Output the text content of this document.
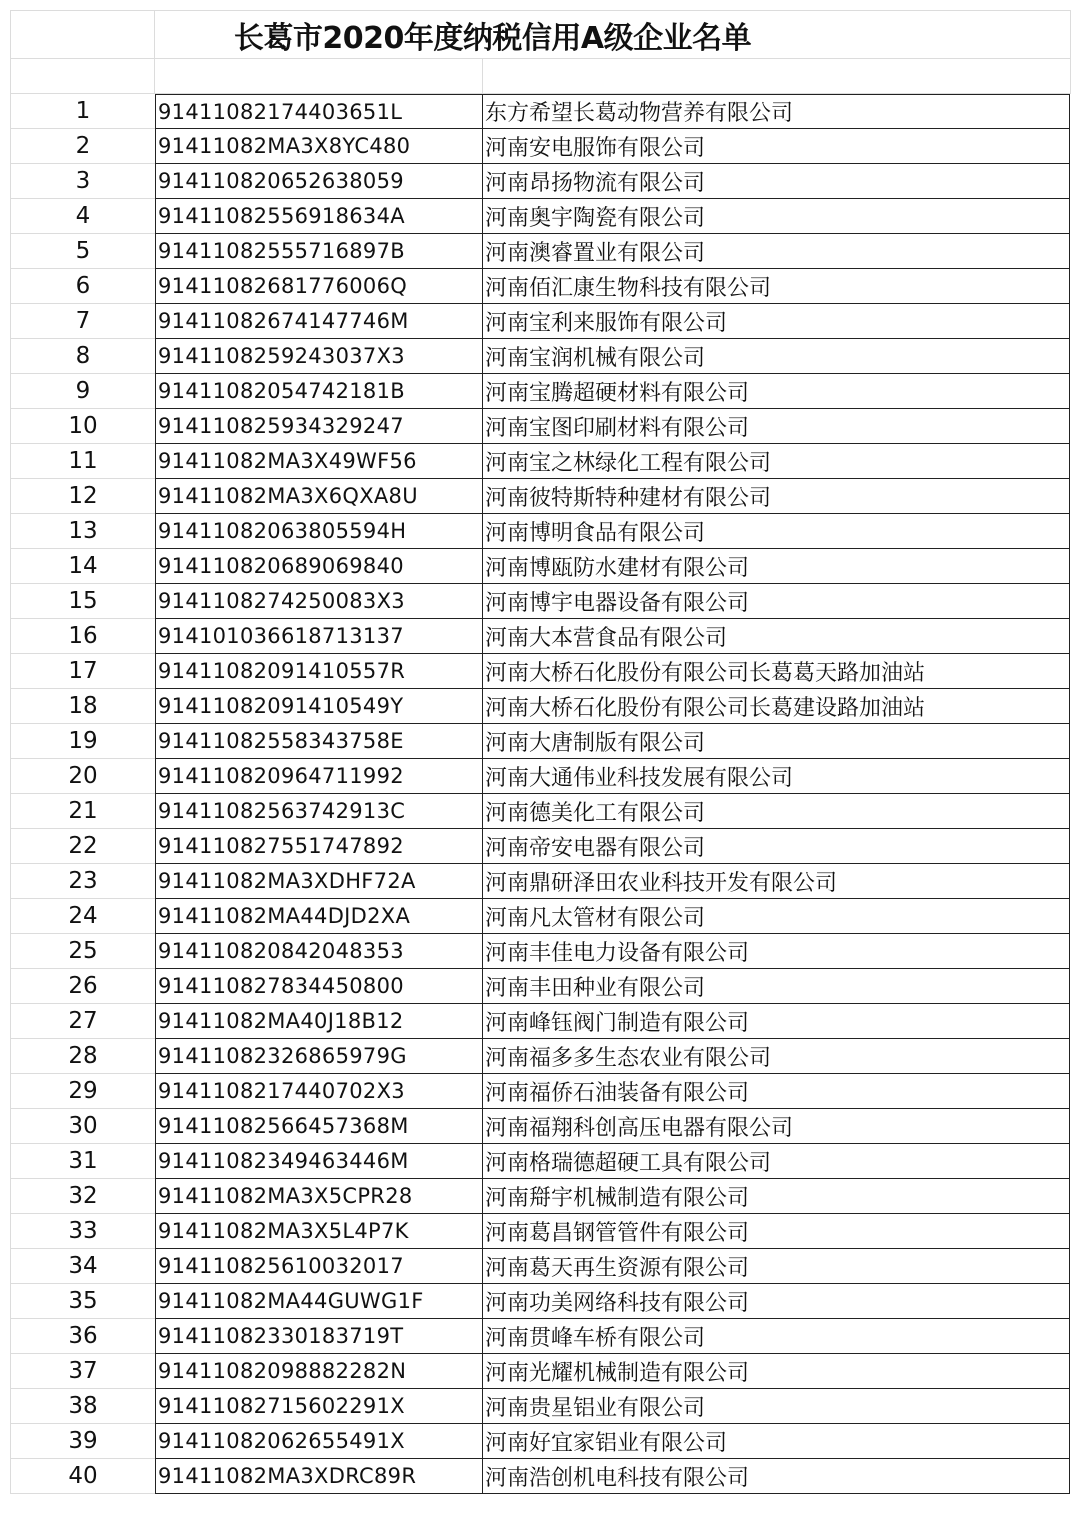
长葛市2020年度纳税信用A级企业名单
1	91411082174403651L	东方希望长葛动物营养有限公司
2	91411082MA3X8YC480	河南安电服饰有限公司
3	914110820652638059	河南昂扬物流有限公司
4	91411082556918634A	河南奥宇陶瓷有限公司
5	91411082555716897B	河南澳睿置业有限公司
6	91411082681776006Q	河南佰汇康生物科技有限公司
7	91411082674147746M	河南宝利来服饰有限公司
8	9141108259243037X3	河南宝润机械有限公司
9	91411082054742181B	河南宝腾超硬材料有限公司
10	914110825934329247	河南宝图印刷材料有限公司
11	91411082MA3X49WF56	河南宝之林绿化工程有限公司
12	91411082MA3X6QXA8U	河南彼特斯特种建材有限公司
13	91411082063805594H	河南博明食品有限公司
14	914110820689069840	河南博瓯防水建材有限公司
15	9141108274250083X3	河南博宇电器设备有限公司
16	914101036618713137	河南大本营食品有限公司
17	91411082091410557R	河南大桥石化股份有限公司长葛葛天路加油站
18	91411082091410549Y	河南大桥石化股份有限公司长葛建设路加油站
19	91411082558343758E	河南大唐制版有限公司
20	914110820964711992	河南大通伟业科技发展有限公司
21	91411082563742913C	河南德美化工有限公司
22	914110827551747892	河南帝安电器有限公司
23	91411082MA3XDHF72A	河南鼎研泽田农业科技开发有限公司
24	91411082MA44DJD2XA	河南凡太管材有限公司
25	914110820842048353	河南丰佳电力设备有限公司
26	914110827834450800	河南丰田种业有限公司
27	91411082MA40J18B12	河南峰钰阀门制造有限公司
28	91411082326865979G	河南福多多生态农业有限公司
29	9141108217440702X3	河南福侨石油装备有限公司
30	91411082566457368M	河南福翔科创高压电器有限公司
31	91411082349463446M	河南格瑞德超硬工具有限公司
32	91411082MA3X5CPR28	河南搿宇机械制造有限公司
33	91411082MA3X5L4P7K	河南葛昌钢管管件有限公司
34	914110825610032017	河南葛天再生资源有限公司
35	91411082MA44GUWG1F	河南功美网络科技有限公司
36	91411082330183719T	河南贯峰车桥有限公司
37	91411082098882282N	河南光耀机械制造有限公司
38	91411082715602291X	河南贵星铝业有限公司
39	91411082062655491X	河南好宜家铝业有限公司
40	91411082MA3XDRC89R	河南浩创机电科技有限公司
